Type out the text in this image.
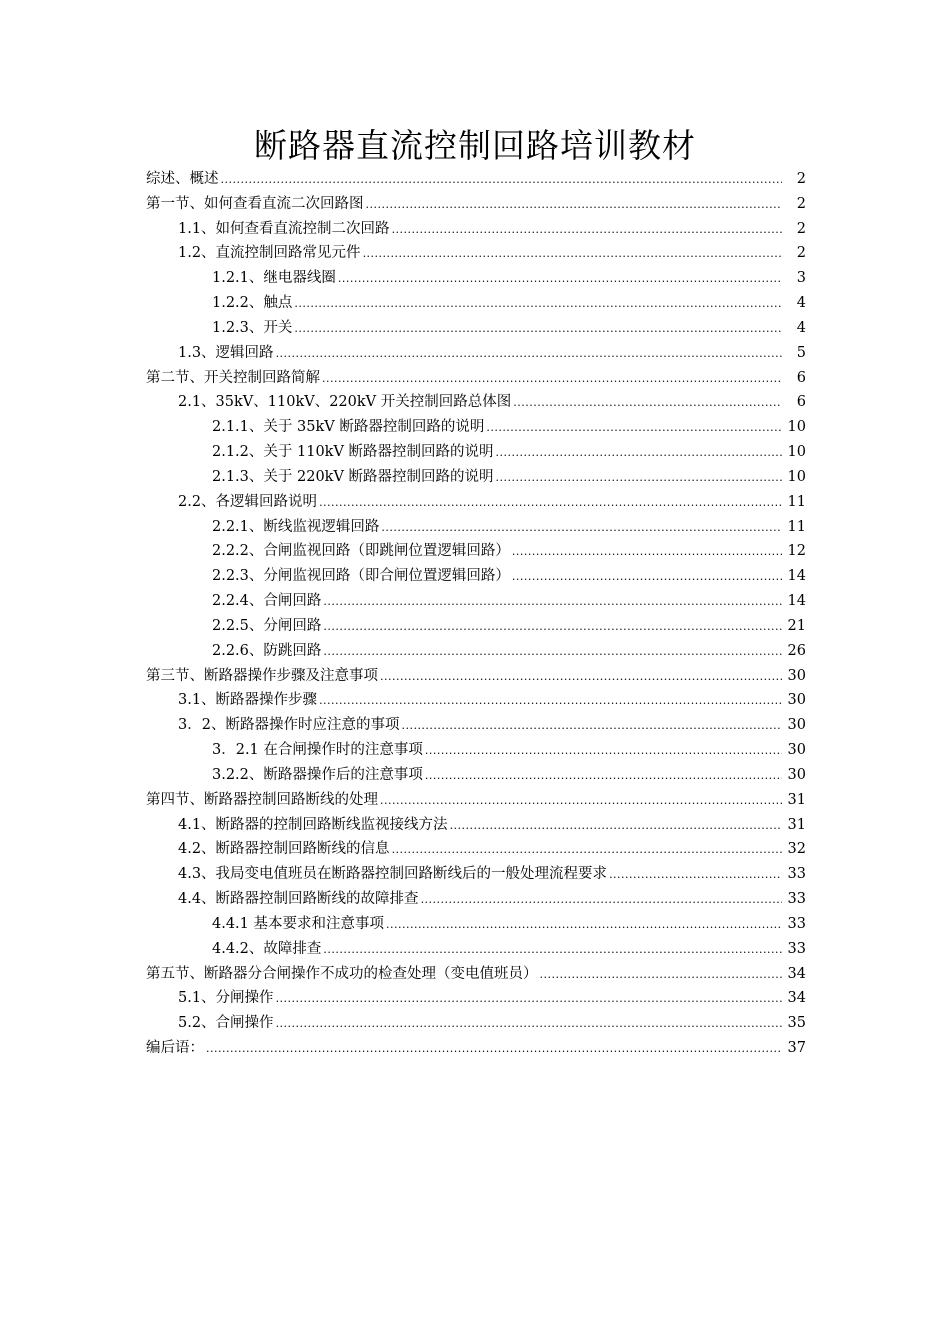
断路器直流控制回路培训教材
综述、概述 .....	2
第一节、如何查看直流二次回路图 .....	2
1.1、如何查看直流控制二次回路 .....	2
1.2、直流控制回路常见元件 .....	2
1.2.1、继电器线圈 .....	3
1.2.2、触点 .....	4
1.2.3、开关 .....	4
1.3、逻辑回路 .....	5
第二节、开关控制回路简解 .....	6
2.1、35kV、110kV、220kV 开关控制回路总体图 .....	6
2.1.1、关于 35kV 断路器控制回路的说明 .....	10
2.1.2、关于 110kV 断路器控制回路的说明 .....	10
2.1.3、关于 220kV 断路器控制回路的说明 .....	10
2.2、各逻辑回路说明 .....	11
2.2.1、断线监视逻辑回路 .....	11
2.2.2、合闸监视回路（即跳闸位置逻辑回路） .....	12
2.2.3、分闸监视回路（即合闸位置逻辑回路） .....	14
2.2.4、合闸回路 .....	14
2.2.5、分闸回路 .....	21
2.2.6、防跳回路 .....	26
第三节、断路器操作步骤及注意事项 .....	30
3.1、断路器操作步骤 .....	30
3．2、断路器操作时应注意的事项 .....	30
3．2.1 在合闸操作时的注意事项 .....	30
3.2.2、断路器操作后的注意事项 .....	30
第四节、断路器控制回路断线的处理 .....	31
4.1、断路器的控制回路断线监视接线方法 .....	31
4.2、断路器控制回路断线的信息 .....	32
4.3、我局变电值班员在断路器控制回路断线后的一般处理流程要求 .....	33
4.4、断路器控制回路断线的故障排查 .....	33
4.4.1 基本要求和注意事项 .....	33
4.4.2、故障排查 .....	33
第五节、断路器分合闸操作不成功的检查处理（变电值班员） .....	34
5.1、分闸操作 .....	34
5.2、合闸操作 .....	35
编后语： .....	37
